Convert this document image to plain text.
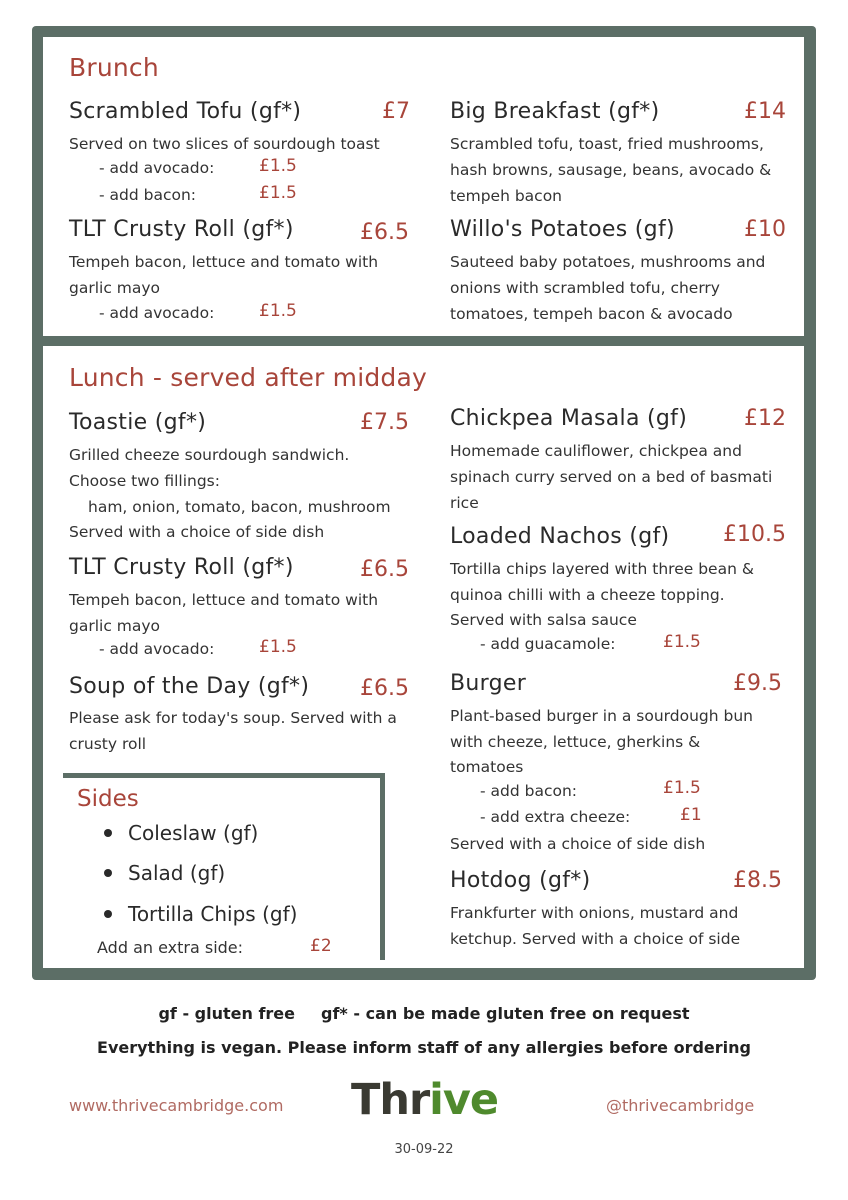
Brunch
Scrambled Tofu (gf*)	£7
Served on two slices of sourdough toast
- add avocado:	£1.5
- add bacon:	£1.5
Big Breakfast (gf*)	£14
Scrambled tofu, toast, fried mushrooms,
hash browns, sausage, beans, avocado &
tempeh bacon
TLT Crusty Roll (gf*)	£6.5
Tempeh bacon, lettuce and tomato with
garlic mayo
- add avocado:	£1.5
Willo's Potatoes (gf)	£10
Sauteed baby potatoes, mushrooms and
onions with scrambled tofu, cherry
tomatoes, tempeh bacon & avocado
Lunch - served after midday
Toastie (gf*)	£7.5
Grilled cheeze sourdough sandwich.
Choose two fillings:
ham, onion, tomato, bacon, mushroom
Served with a choice of side dish
TLT Crusty Roll (gf*)	£6.5
Tempeh bacon, lettuce and tomato with
garlic mayo
- add avocado:	£1.5
Soup of the Day (gf*) £6.5
Please ask for today's soup. Served with a
crusty roll
Chickpea Masala (gf)	£12
Homemade cauliflower, chickpea and
spinach curry served on a bed of basmati
rice
Loaded Nachos (gf) £10.5
Tortilla chips layered with three bean &
quinoa chilli with a cheeze topping.
Served with salsa sauce
- add guacamole:	£1.5
Burger	£9.5
Plant-based burger in a sourdough bun
with cheeze, lettuce, gherkins &
tomatoes
- add bacon:	£1.5
- add extra cheeze:	£1
Served with a choice of side dish
Hotdog (gf*)	£8.5
Frankfurter with onions, mustard and
ketchup. Served with a choice of side
Sides
Coleslaw (gf)
Salad (gf)
Tortilla Chips (gf)
Add an extra side:	£2
gf - gluten free gf* - can be made gluten free on request
Everything is vegan. Please inform staff of any allergies before ordering
www.thrivecambridge.com Thrive	@thrivecambridge
30-09-22
